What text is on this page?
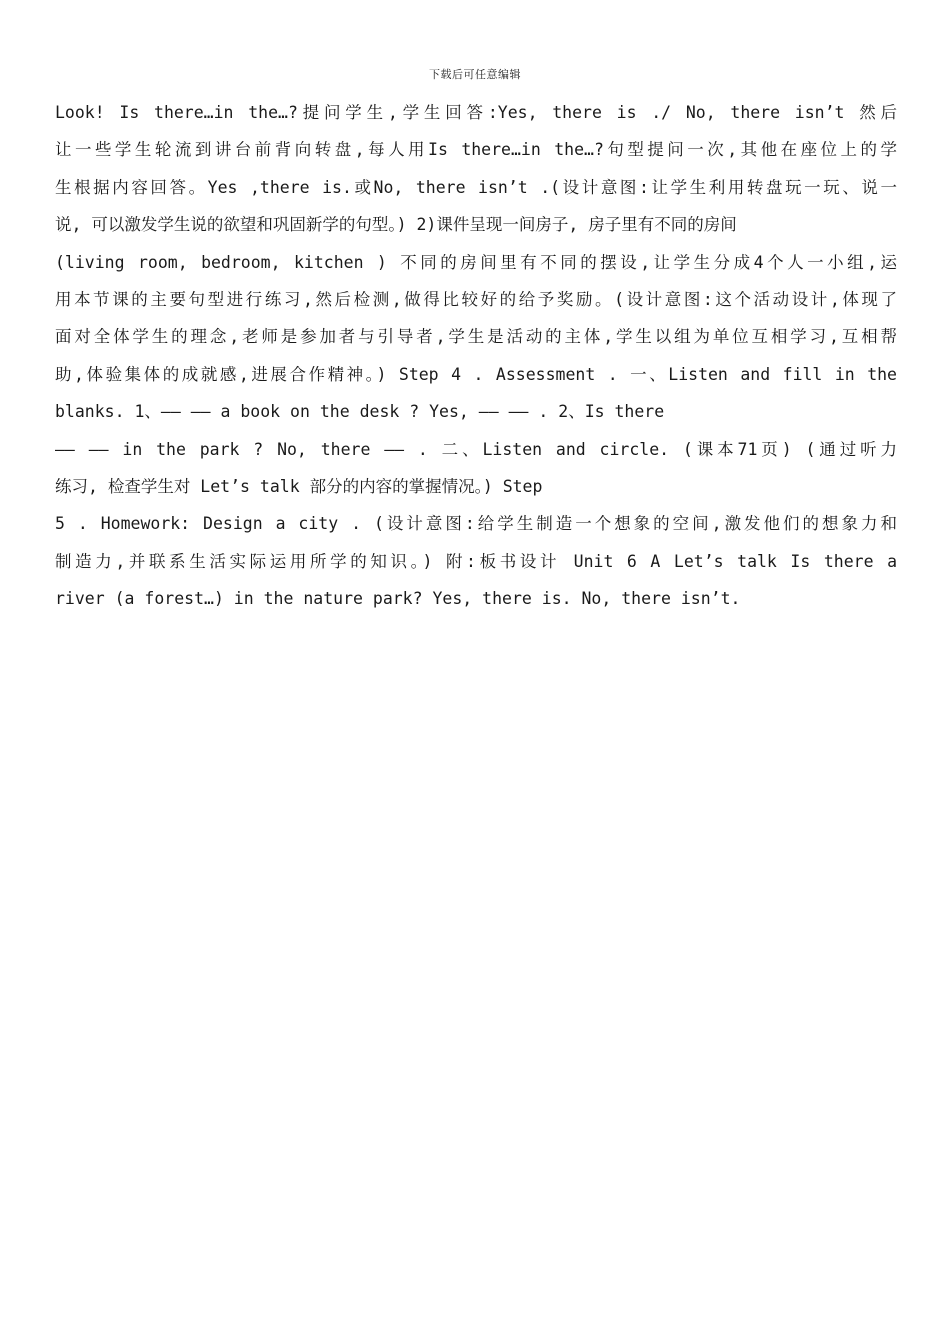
下载后可任意编辑
Look! Is there…in the…?提问学生,学生回答:Yes, there is ./ No, there isn’t 然后
让一些学生轮流到讲台前背向转盘,每人用Is there…in the…?句型提问一次,其他在座位上的学
生根据内容回答。Yes ,there is.或No, there isn’t .(设计意图:让学生利用转盘玩一玩、说一
说, 可以激发学生说的欲望和巩固新学的句型。) 2)课件呈现一间房子, 房子里有不同的房间
(living room, bedroom, kitchen ) 不同的房间里有不同的摆设,让学生分成4个人一小组,运
用本节课的主要句型进行练习,然后检测,做得比较好的给予奖励。(设计意图:这个活动设计,体现了
面对全体学生的理念,老师是参加者与引导者,学生是活动的主体,学生以组为单位互相学习,互相帮
助,体验集体的成就感,进展合作精神。) Step 4 . Assessment . 一、Listen and fill in the
blanks. 1、—— —— a book on the desk ? Yes, —— —— . 2、Is there
—— —— in the park ? No, there —— . 二、Listen and circle. (课本71页) (通过听力
练习, 检查学生对 Let’s talk 部分的内容的掌握情况。) Step
5 . Homework: Design a city . (设计意图:给学生制造一个想象的空间,激发他们的想象力和
制造力,并联系生活实际运用所学的知识。) 附:板书设计 Unit 6 A Let’s talk Is there a
river (a forest…) in the nature park? Yes, there is. No, there isn’t.
